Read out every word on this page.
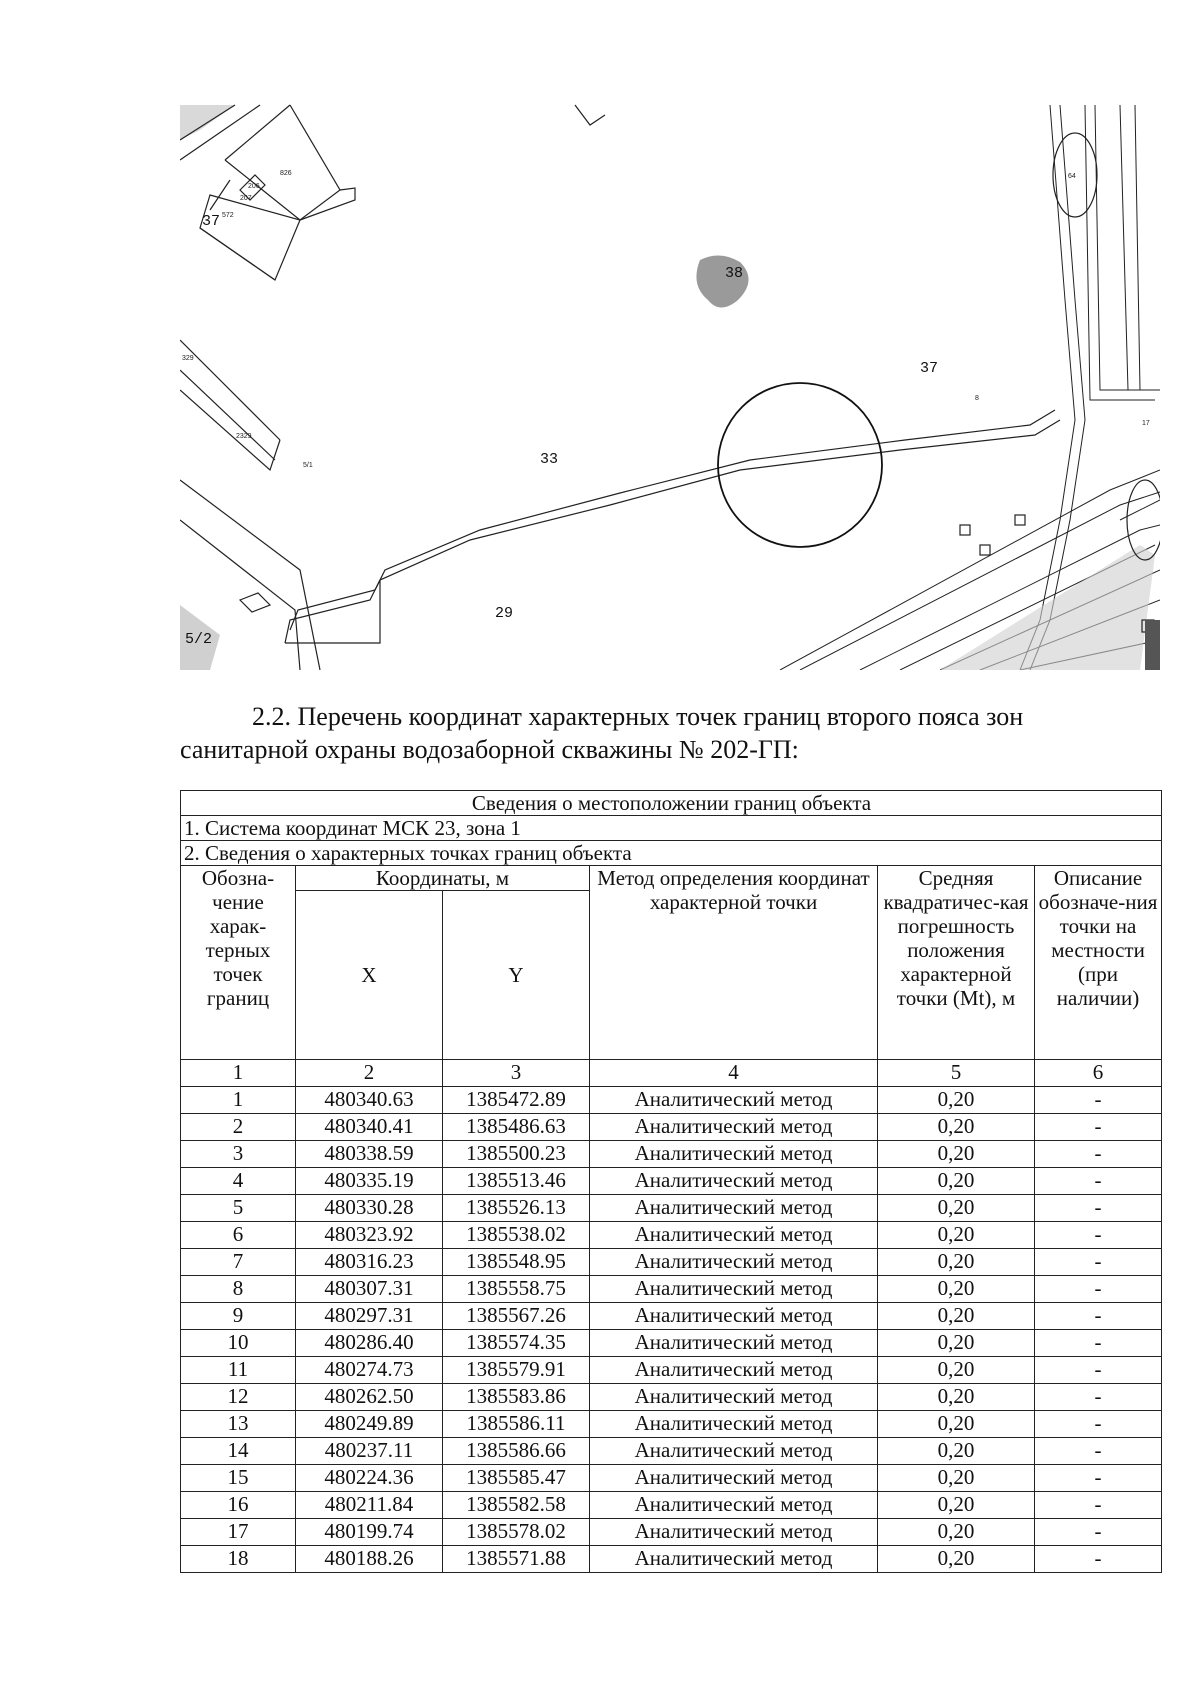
38
37
37
33
29
5/2
826
206
207
572
329
2329
5/1
64
17
8
2.2. Перечень координат характерных точек границ второго пояса зон
санитарной охраны водозаборной скважины № 202-ГП:
Сведения о местоположении границ объекта					
1. Система координат МСК 23, зона 1					
2. Сведения о характерных точках границ объекта					
Обозна-чение харак-терных точек границ	Координаты, м		Метод определения координат характерной точки	Средняя квадратичес-кая погрешность положения характерной точки (Mt), м	Описание обозначе-ния точки на местности (при наличии)
	X	Y			
1	2	3	4	5	6
1	480340.63	1385472.89	Аналитический метод	0,20	-
2	480340.41	1385486.63	Аналитический метод	0,20	-
3	480338.59	1385500.23	Аналитический метод	0,20	-
4	480335.19	1385513.46	Аналитический метод	0,20	-
5	480330.28	1385526.13	Аналитический метод	0,20	-
6	480323.92	1385538.02	Аналитический метод	0,20	-
7	480316.23	1385548.95	Аналитический метод	0,20	-
8	480307.31	1385558.75	Аналитический метод	0,20	-
9	480297.31	1385567.26	Аналитический метод	0,20	-
10	480286.40	1385574.35	Аналитический метод	0,20	-
11	480274.73	1385579.91	Аналитический метод	0,20	-
12	480262.50	1385583.86	Аналитический метод	0,20	-
13	480249.89	1385586.11	Аналитический метод	0,20	-
14	480237.11	1385586.66	Аналитический метод	0,20	-
15	480224.36	1385585.47	Аналитический метод	0,20	-
16	480211.84	1385582.58	Аналитический метод	0,20	-
17	480199.74	1385578.02	Аналитический метод	0,20	-
18	480188.26	1385571.88	Аналитический метод	0,20	-
